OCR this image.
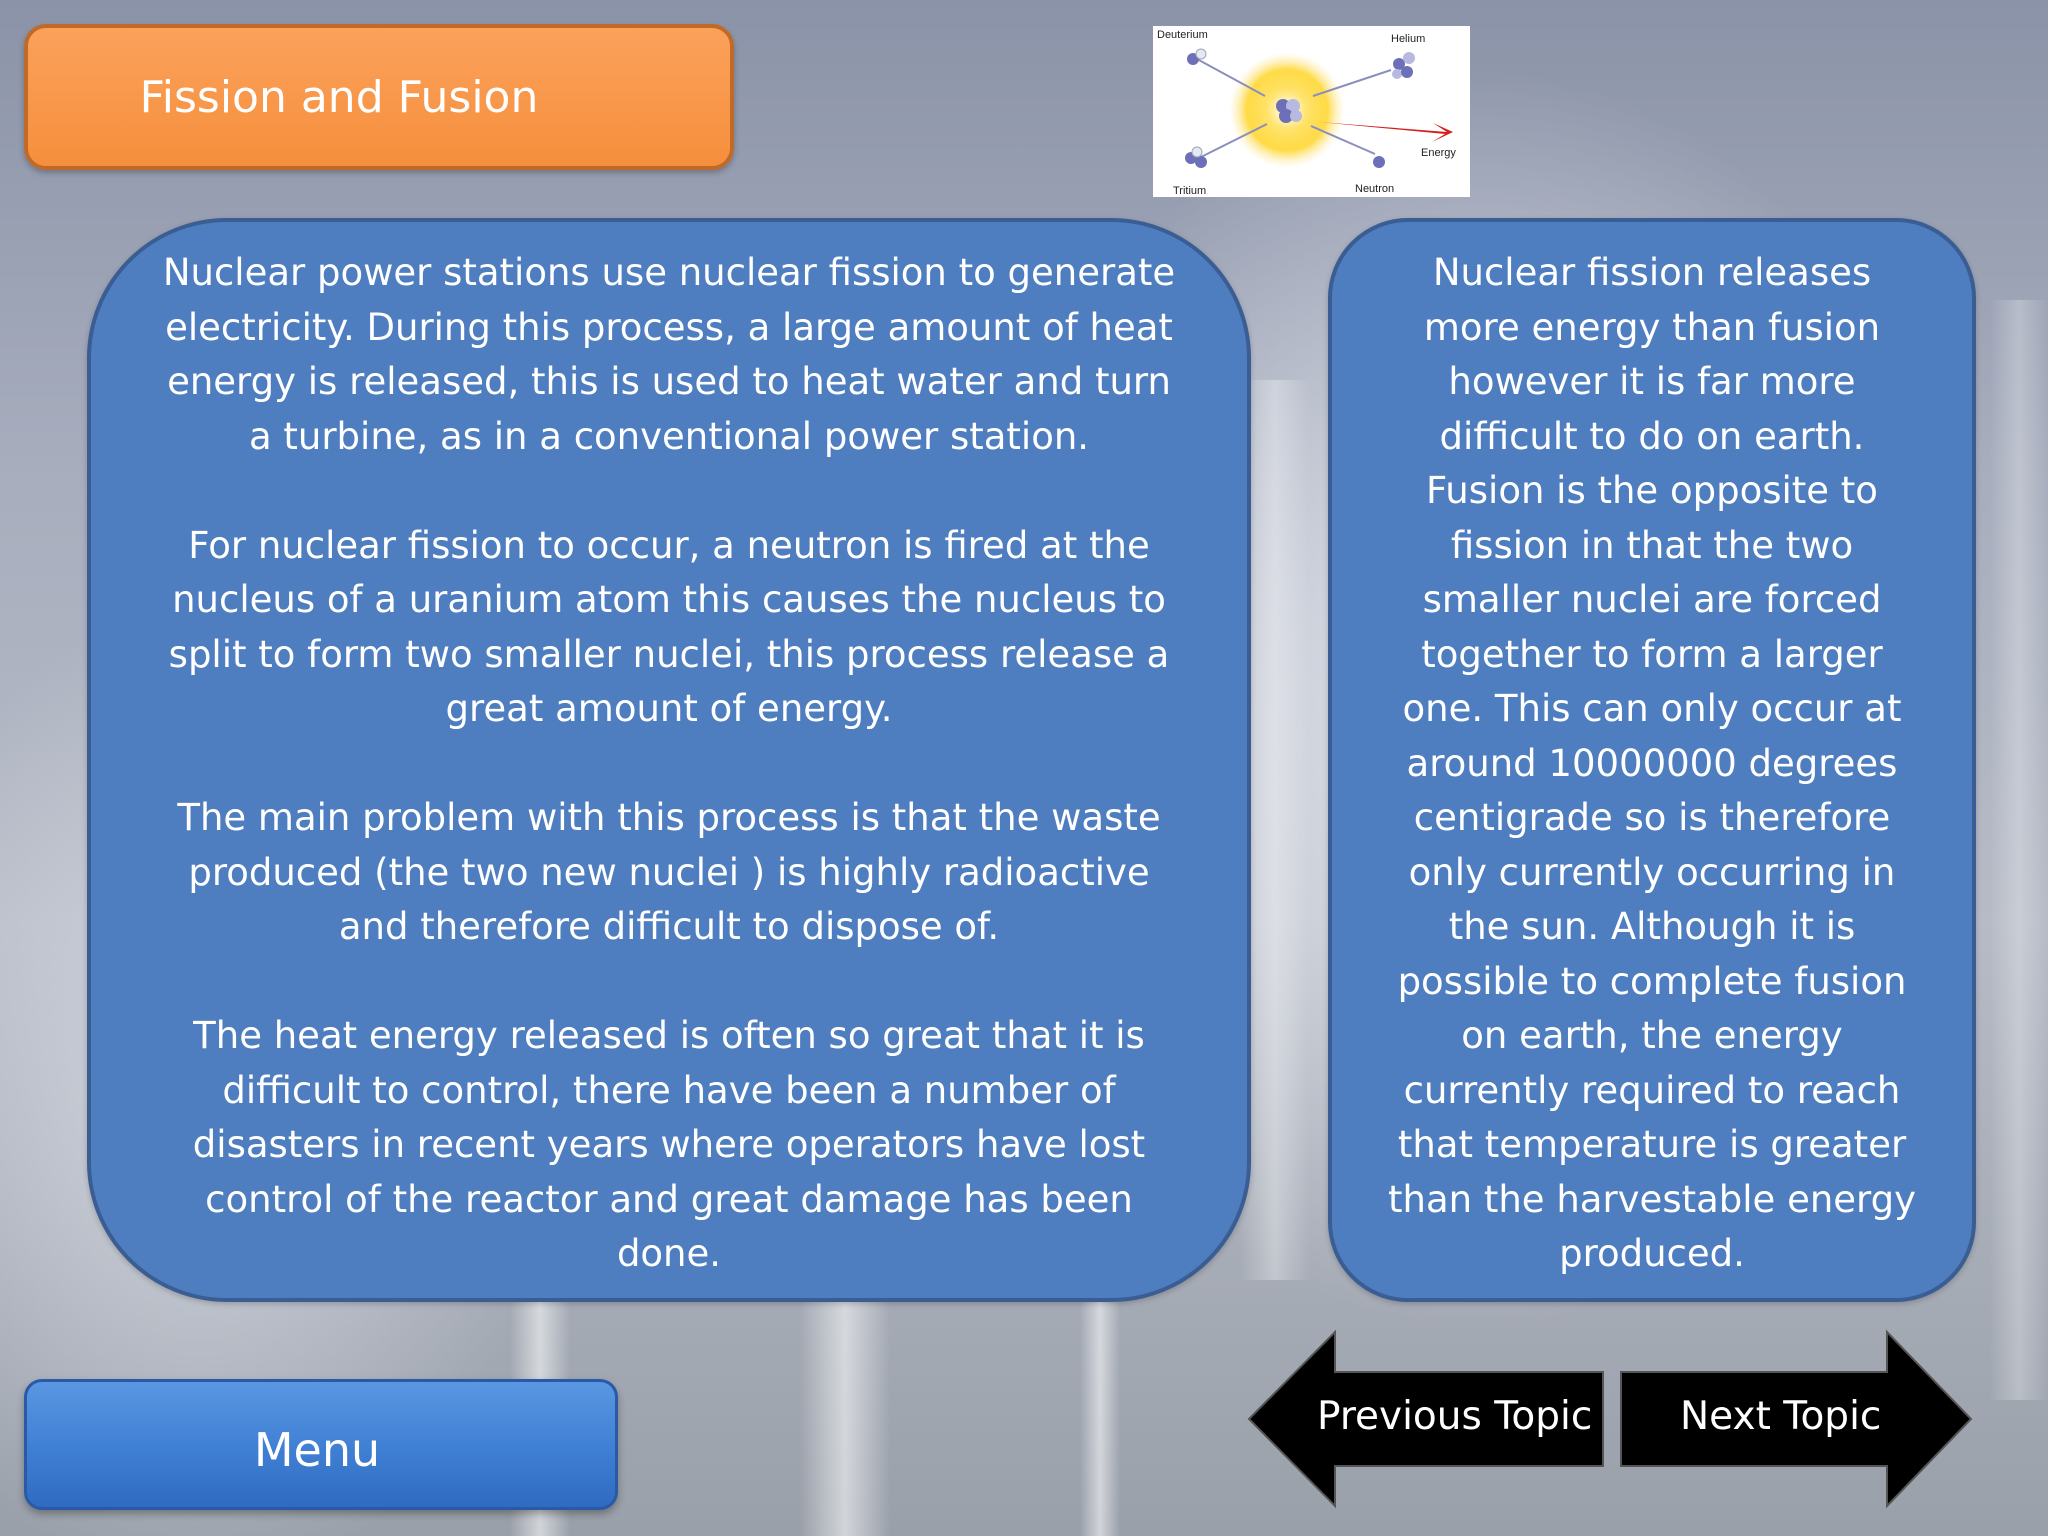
Fission and Fusion
Deuterium	Helium
Tritium	Neutron
Energy

Nuclear power stations use nuclear fission to generate electricity. During this process, a large amount of heat energy is released, this is used to heat water and turn a turbine, as in a conventional power station.

For nuclear fission to occur, a neutron is fired at the nucleus of a uranium atom this causes the nucleus to split to form two smaller nuclei, this process release a great amount of energy.

The main problem with this process is that the waste produced (the two new nuclei ) is highly radioactive and therefore difficult to dispose of.

The heat energy released is often so great that it is difficult to control, there have been a number of disasters in recent years where operators have lost control of the reactor and great damage has been done.

Nuclear fission releases more energy than fusion however it is far more difficult to do on earth. Fusion is the opposite to fission in that the two smaller nuclei are forced together to form a larger one. This can only occur at around 10000000 degrees centigrade so is therefore only currently occurring in the sun. Although it is possible to complete fusion on earth, the energy currently required to reach that temperature is greater than the harvestable energy produced.

Menu
Previous Topic Next Topic
